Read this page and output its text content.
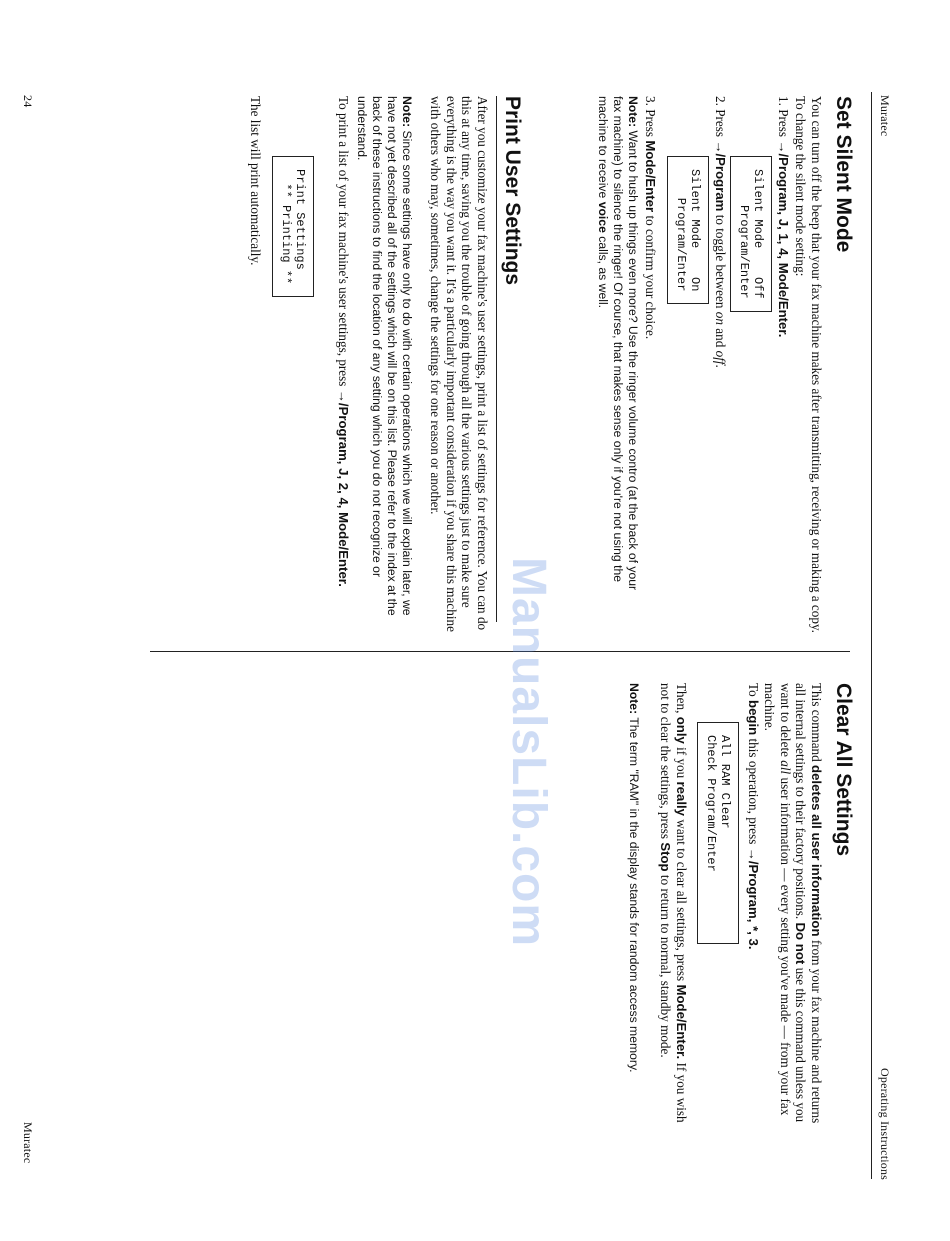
Muratec
Operating Instructions
Set Silent Mode
You can turn off the beep that your fax machine makes after transmitting, receiving or making a copy. To change the silent mode setting:
1. Press →/Program, J, 1, 4, Mode/Enter.
Silent Mode    Off
Program/Enter
2. Press →/Program to toggle between on and off.
Silent Mode    On
Program/Enter
3. Press Mode/Enter to confirm your choice.
Note: Want to hush up things even more? Use the ringer volume contro (at the back of your fax machine) to silence the ringer! Of course, that makes sense only if you're not using the machine to receive voice calls, as well.
Print User Settings
After you customize your fax machine's user settings, print a list of settings for reference. You can do this at any time, saving you the trouble of going through all the various settings just to make sure everything is the way you want it. It's a particularly important consideration if you share this machine with others who may, sometimes, change the settings for one reason or another.
Note: Since some settings have only to do with certain operations which we will explain later, we have not yet described all of the settings which will be on this list. Please refer to the index at the back of these instructions to find the location of any setting which you do not recognize or understand.
To print a list of your fax machine's user settings, press →/Program, J, 2, 4, Mode/Enter.
Print Settings
** Printing **
The list will print automatically.
Clear All Settings
This command deletes all user information from your fax machine and returns all internal settings to their factory positions. Do not use this command unless you want to delete all user information — every setting you've made — from your fax machine.
To begin this operation, press →/Program, *, 3.
All RAM Clear
Check Program/Enter
Then, only if you really want to clear all settings, press Mode/Enter. If you wish not to clear the settings, press Stop to return to normal, standby mode.
Note: The term "RAM" in the display stands for random access memory.
ManualsLib.com
24
Muratec
